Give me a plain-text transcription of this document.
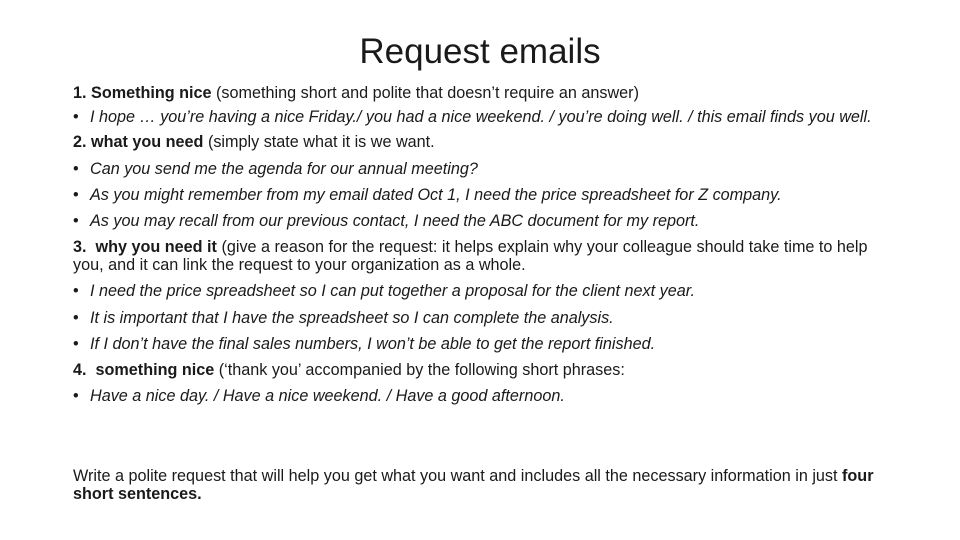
Request emails

1. Something nice (something short and polite that doesn’t require an answer)

• I hope … you’re having a nice Friday./ you had a nice weekend. / you’re doing well. / this email finds you well.

2. what you need (simply state what it is we want.

• Can you send me the agenda for our annual meeting?
• As you might remember from my email dated Oct 1, I need the price spreadsheet for Z company.
• As you may recall from our previous contact, I need the ABC document for my report.

3. why you need it (give a reason for the request: it helps explain why your colleague should take time to help you, and it can link the request to your organization as a whole.

• I need the price spreadsheet so I can put together a proposal for the client next year.
• It is important that I have the spreadsheet so I can complete the analysis.
• If I don’t have the final sales numbers, I won’t be able to get the report finished.

4. something nice (‘thank you’ accompanied by the following short phrases:

• Have a nice day. / Have a nice weekend. / Have a good afternoon.

Write a polite request that will help you get what you want and includes all the necessary information in just four short sentences.
